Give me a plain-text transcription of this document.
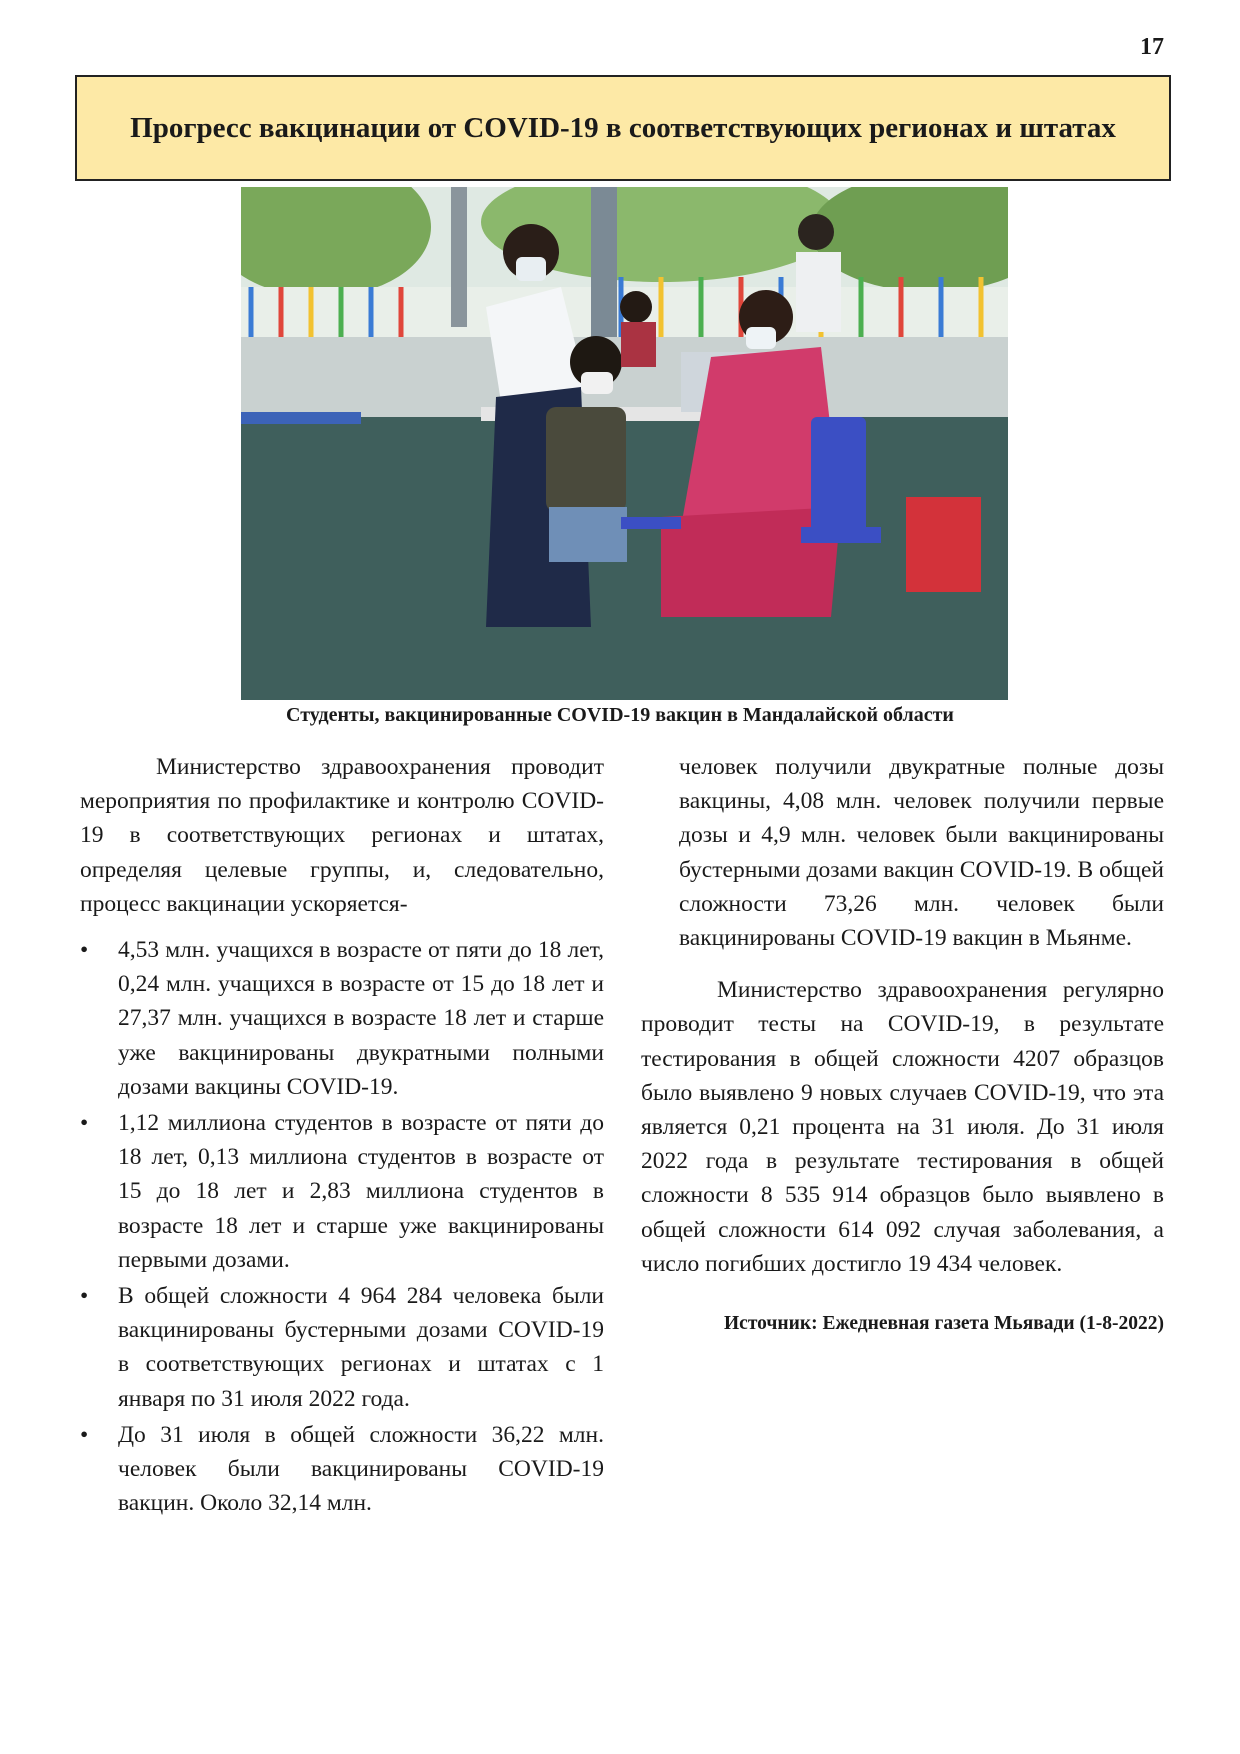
17
Прогресс вакцинации от COVID-19 в соответствующих регионах и штатах
Студенты, вакцинированные COVID-19 вакцин в Мандалайской области

Министерство здравоохранения проводит мероприятия по профилактике и контролю COVID-19 в соответствующих регионах и штатах, определяя целевые группы, и, следовательно, процесс вакцинации ускоряется-

• 4,53 млн. учащихся в возрасте от пяти до 18 лет, 0,24 млн. учащихся в возрасте от 15 до 18 лет и 27,37 млн. учащихся в возрасте 18 лет и старше уже вакцинированы двукратными полными дозами вакцины COVID-19.
• 1,12 миллиона студентов в возрасте от пяти до 18 лет, 0,13 миллиона студентов в возрасте от 15 до 18 лет и 2,83 миллиона студентов в возрасте 18 лет и старше уже вакцинированы первыми дозами.
• В общей сложности 4 964 284 человека были вакцинированы бустерными дозами COVID-19 в соответствующих регионах и штатах с 1 января по 31 июля 2022 года.
• До 31 июля в общей сложности 36,22 млн. человек были вакцинированы COVID-19 вакцин. Около 32,14 млн.

человек получили двукратные полные дозы вакцины, 4,08 млн. человек получили первые дозы и 4,9 млн. человек были вакцинированы бустерными дозами вакцин COVID-19. В общей сложности 73,26 млн. человек были вакцинированы COVID-19 вакцин в Мьянме.

Министерство здравоохранения регулярно проводит тесты на COVID-19, в результате тестирования в общей сложности 4207 образцов было выявлено 9 новых случаев COVID-19, что эта является 0,21 процента на 31 июля. До 31 июля 2022 года в результате тестирования в общей сложности 8 535 914 образцов было выявлено в общей сложности 614 092 случая заболевания, а число погибших достигло 19 434 человек.

Источник: Ежедневная газета Мьявади (1-8-2022)
